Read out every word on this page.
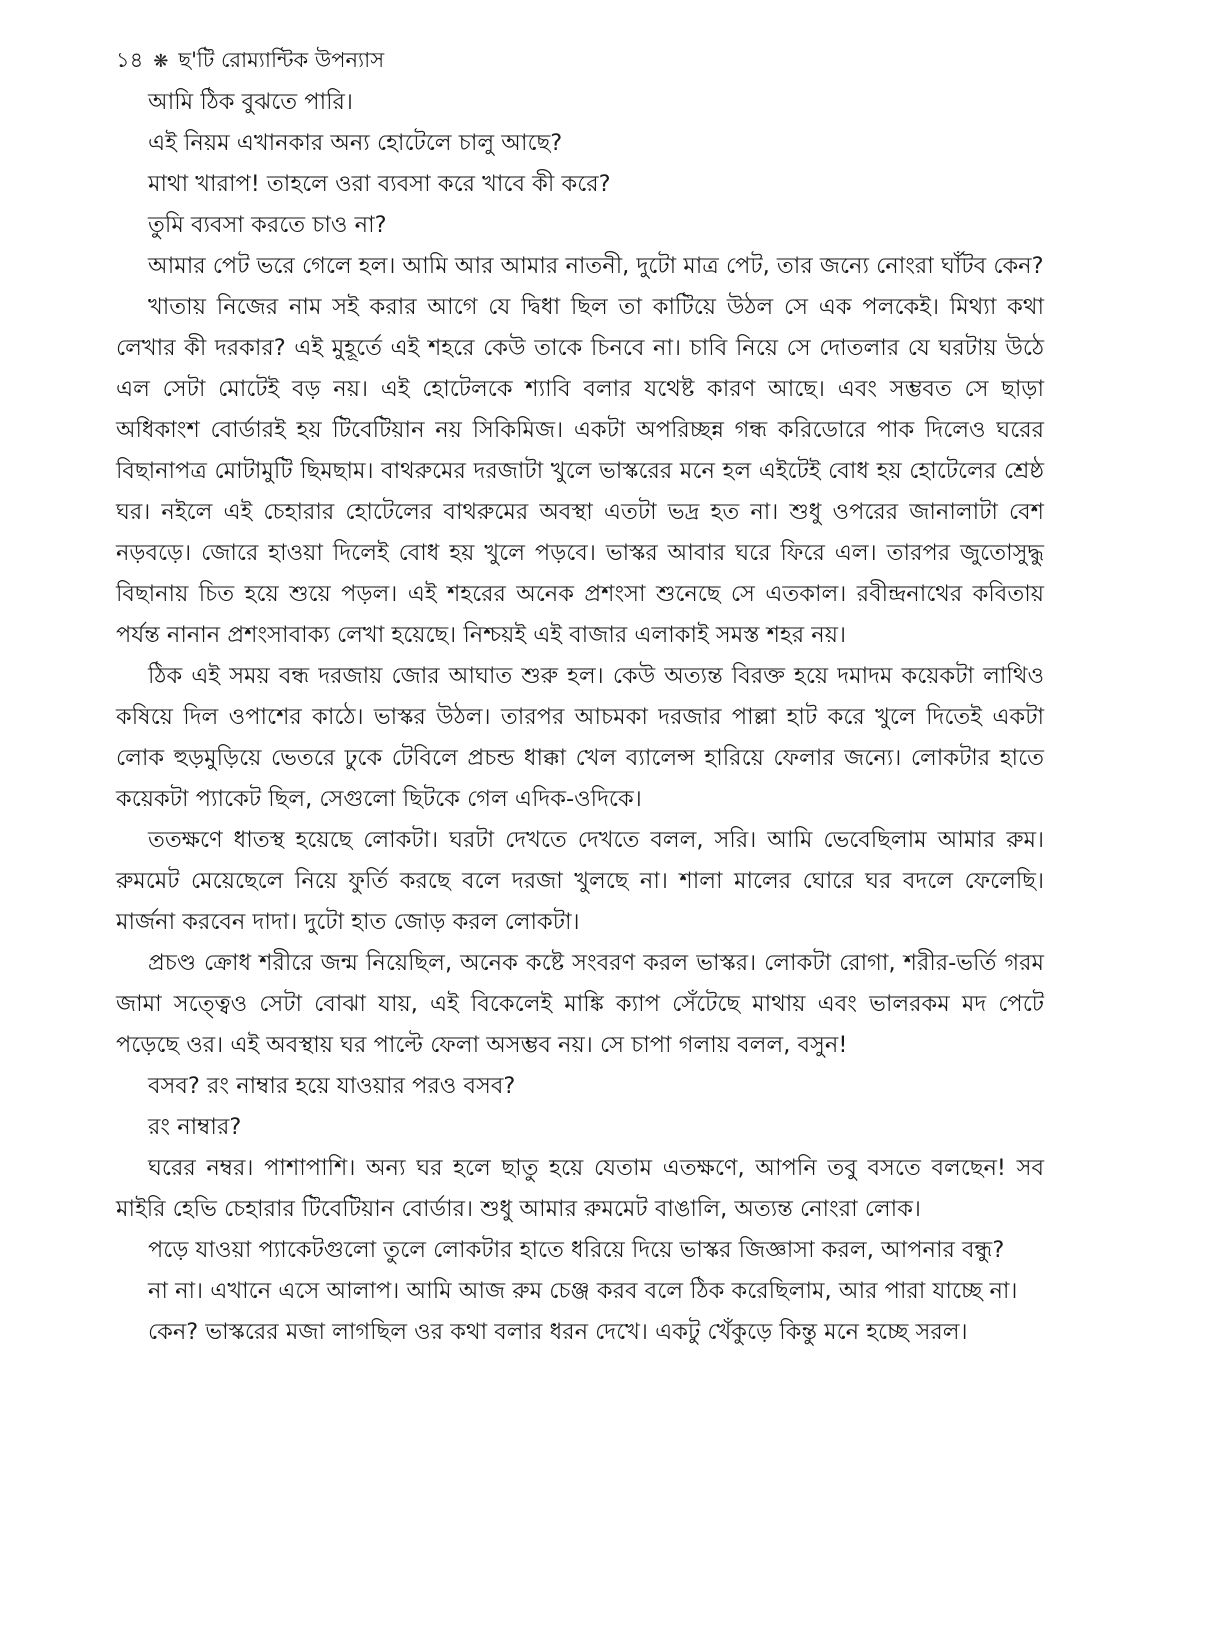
১৪ ❋ ছ'টি রোম্যান্টিক উপন্যাস

আমি ঠিক বুঝতে পারি।

এই নিয়ম এখানকার অন্য হোটেলে চালু আছে?

মাথা খারাপ! তাহলে ওরা ব্যবসা করে খাবে কী করে?

তুমি ব্যবসা করতে চাও না?

আমার পেট ভরে গেলে হল। আমি আর আমার নাতনী, দুটো মাত্র পেট, তার জন্যে নোংরা ঘাঁটব কেন?

খাতায় নিজের নাম সই করার আগে যে দ্বিধা ছিল তা কাটিয়ে উঠল সে এক পলকেই। মিথ্যা কথা লেখার কী দরকার? এই মুহূর্তে এই শহরে কেউ তাকে চিনবে না। চাবি নিয়ে সে দোতলার যে ঘরটায় উঠে এল সেটা মোটেই বড় নয়। এই হোটেলকে শ্যাবি বলার যথেষ্ট কারণ আছে। এবং সম্ভবত সে ছাড়া অধিকাংশ বোর্ডারই হয় টিবেটিয়ান নয় সিকিমিজ। একটা অপরিচ্ছন্ন গন্ধ করিডোরে পাক দিলেও ঘরের বিছানাপত্র মোটামুটি ছিমছাম। বাথরুমের দরজাটা খুলে ভাস্করের মনে হল এইটেই বোধ হয় হোটেলের শ্রেষ্ঠ ঘর। নইলে এই চেহারার হোটেলের বাথরুমের অবস্থা এতটা ভদ্র হত না। শুধু ওপরের জানালাটা বেশ নড়বড়ে। জোরে হাওয়া দিলেই বোধ হয় খুলে পড়বে। ভাস্কর আবার ঘরে ফিরে এল। তারপর জুতোসুদ্ধু বিছানায় চিত হয়ে শুয়ে পড়ল। এই শহরের অনেক প্রশংসা শুনেছে সে এতকাল। রবীন্দ্রনাথের কবিতায় পর্যন্ত নানান প্রশংসাবাক্য লেখা হয়েছে। নিশ্চয়ই এই বাজার এলাকাই সমস্ত শহর নয়।

ঠিক এই সময় বন্ধ দরজায় জোর আঘাত শুরু হল। কেউ অত্যন্ত বিরক্ত হয়ে দমাদম কয়েকটা লাথিও কষিয়ে দিল ওপাশের কাঠে। ভাস্কর উঠল। তারপর আচমকা দরজার পাল্লা হাট করে খুলে দিতেই একটা লোক হুড়মুড়িয়ে ভেতরে ঢুকে টেবিলে প্রচন্ড ধাক্কা খেল ব্যালেন্স হারিয়ে ফেলার জন্যে। লোকটার হাতে কয়েকটা প্যাকেট ছিল, সেগুলো ছিটকে গেল এদিক-ওদিকে।

ততক্ষণে ধাতস্থ হয়েছে লোকটা। ঘরটা দেখতে দেখতে বলল, সরি। আমি ভেবেছিলাম আমার রুম। রুমমেট মেয়েছেলে নিয়ে ফুর্তি করছে বলে দরজা খুলছে না। শালা মালের ঘোরে ঘর বদলে ফেলেছি। মার্জনা করবেন দাদা। দুটো হাত জোড় করল লোকটা।

প্রচণ্ড ক্রোধ শরীরে জন্ম নিয়েছিল, অনেক কষ্টে সংবরণ করল ভাস্কর। লোকটা রোগা, শরীর-ভর্তি গরম জামা সত্ত্বেও সেটা বোঝা যায়, এই বিকেলেই মাঙ্কি ক্যাপ সেঁটেছে মাথায় এবং ভালরকম মদ পেটে পড়েছে ওর। এই অবস্থায় ঘর পাল্টে ফেলা অসম্ভব নয়। সে চাপা গলায় বলল, বসুন!

বসব? রং নাম্বার হয়ে যাওয়ার পরও বসব?

রং নাম্বার?

ঘরের নম্বর। পাশাপাশি। অন্য ঘর হলে ছাতু হয়ে যেতাম এতক্ষণে, আপনি তবু বসতে বলছেন! সব মাইরি হেভি চেহারার টিবেটিয়ান বোর্ডার। শুধু আমার রুমমেট বাঙালি, অত্যন্ত নোংরা লোক।

পড়ে যাওয়া প্যাকেটগুলো তুলে লোকটার হাতে ধরিয়ে দিয়ে ভাস্কর জিজ্ঞাসা করল, আপনার বন্ধু?

না না। এখানে এসে আলাপ। আমি আজ রুম চেঞ্জ করব বলে ঠিক করেছিলাম, আর পারা যাচ্ছে না।

কেন? ভাস্করের মজা লাগছিল ওর কথা বলার ধরন দেখে। একটু খেঁকুড়ে কিন্তু মনে হচ্ছে সরল।
